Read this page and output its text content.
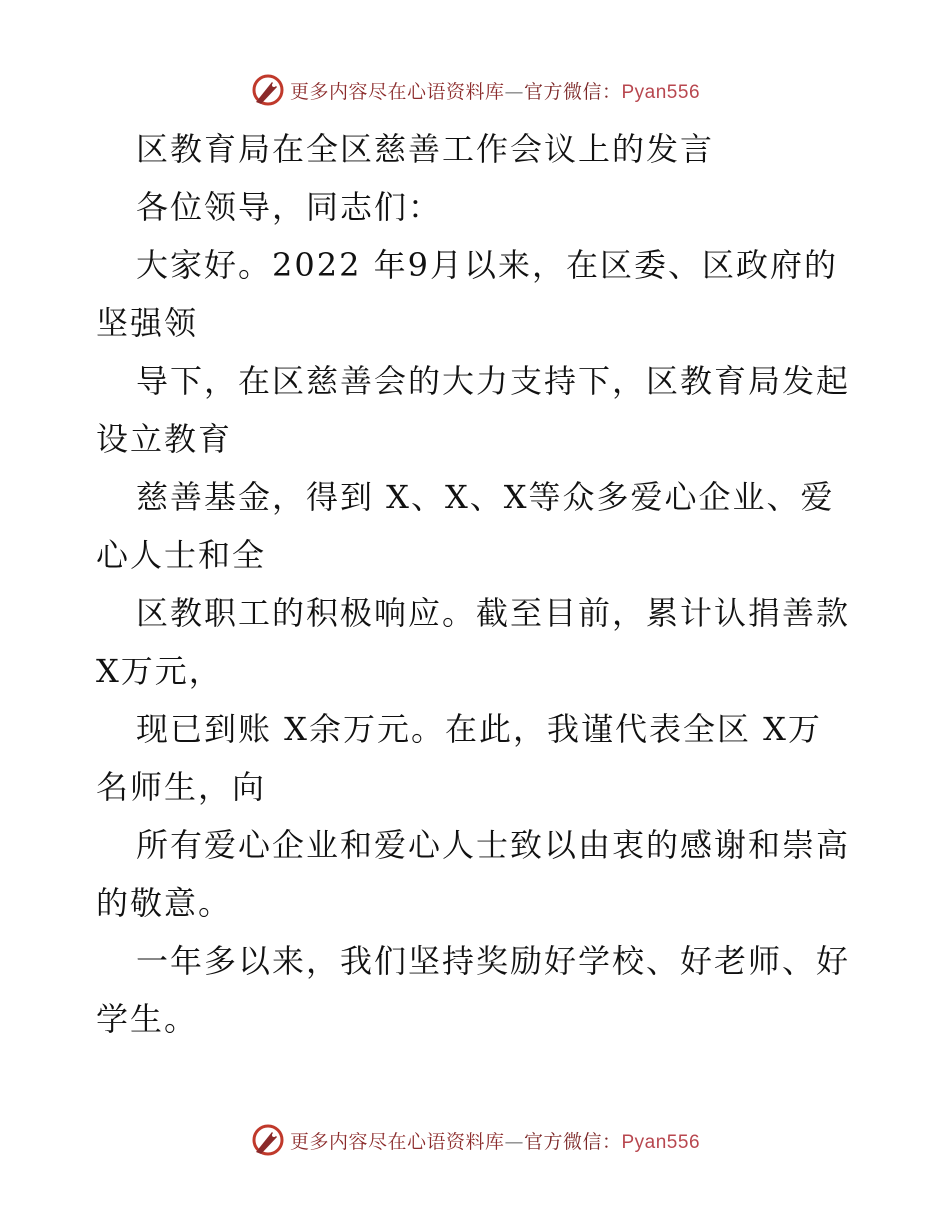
更多内容尽在心语资料库—官方微信：Pyan556
区教育局在全区慈善工作会议上的发言
各位领导，同志们：
大家好。2022 年9月以来，在区委、区政府的
坚强领
导下，在区慈善会的大力支持下，区教育局发起
设立教育
慈善基金，得到 X、X、X等众多爱心企业、爱
心人士和全
区教职工的积极响应。截至目前，累计认捐善款
X万元，
现已到账 X余万元。在此，我谨代表全区 X万
名师生，向
所有爱心企业和爱心人士致以由衷的感谢和崇高
的敬意。
一年多以来，我们坚持奖励好学校、好老师、好
学生。
更多内容尽在心语资料库—官方微信：Pyan556
